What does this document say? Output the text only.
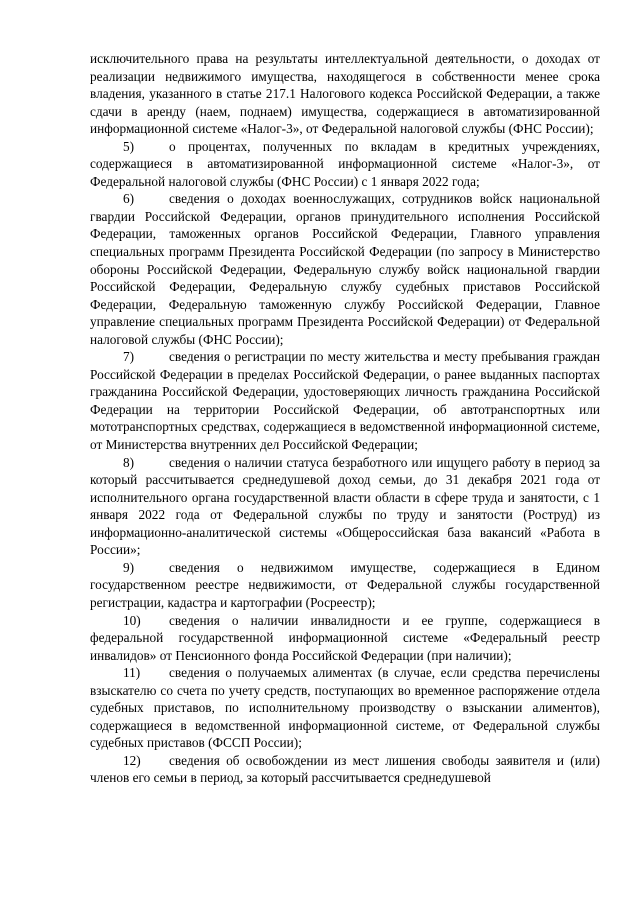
исключительного права на результаты интеллектуальной деятельности, о доходах от реализации недвижимого имущества, находящегося в собственности менее срока владения, указанного в статье 217.1 Налогового кодекса Российской Федерации, а также сдачи в аренду (наем, поднаем) имущества, содержащиеся в автоматизированной информационной системе «Налог-3», от Федеральной налоговой службы (ФНС России);

5)	о процентах, полученных по вкладам в кредитных учреждениях, содержащиеся в автоматизированной информационной системе «Налог-3», от Федеральной налоговой службы (ФНС России) с 1 января 2022 года;

6)	сведения о доходах военнослужащих, сотрудников войск национальной гвардии Российской Федерации, органов принудительного исполнения Российской Федерации, таможенных органов Российской Федерации, Главного управления специальных программ Президента Российской Федерации (по запросу в Министерство обороны Российской Федерации, Федеральную службу войск национальной гвардии Российской Федерации, Федеральную службу судебных приставов Российской Федерации, Федеральную таможенную службу Российской Федерации, Главное управление специальных программ Президента Российской Федерации) от Федеральной налоговой службы (ФНС России);

7)	сведения о регистрации по месту жительства и месту пребывания граждан Российской Федерации в пределах Российской Федерации, о ранее выданных паспортах гражданина Российской Федерации, удостоверяющих личность гражданина Российской Федерации на территории Российской Федерации, об автотранспортных или мототранспортных средствах, содержащиеся в ведомственной информационной системе, от Министерства внутренних дел Российской Федерации;

8)	сведения о наличии статуса безработного или ищущего работу в период за который рассчитывается среднедушевой доход семьи, до 31 декабря 2021 года от исполнительного органа государственной власти области в сфере труда и занятости, с 1 января 2022 года от Федеральной службы по труду и занятости (Роструд) из информационно-аналитической системы «Общероссийская база вакансий «Работа в России»;

9)	сведения о недвижимом имуществе, содержащиеся в Едином государственном реестре недвижимости, от Федеральной службы государственной регистрации, кадастра и картографии (Росреестр);

10) сведения о наличии инвалидности и ее группе, содержащиеся в федеральной государственной информационной системе «Федеральный реестр инвалидов» от Пенсионного фонда Российской Федерации (при наличии);

11) сведения о получаемых алиментах (в случае, если средства перечислены взыскателю со счета по учету средств, поступающих во временное распоряжение отдела судебных приставов, по исполнительному производству о взыскании алиментов), содержащиеся в ведомственной информационной системе, от Федеральной службы судебных приставов (ФССП России);

12) сведения об освобождении из мест лишения свободы заявителя и (или) членов его семьи в период, за который рассчитывается среднедушевой
